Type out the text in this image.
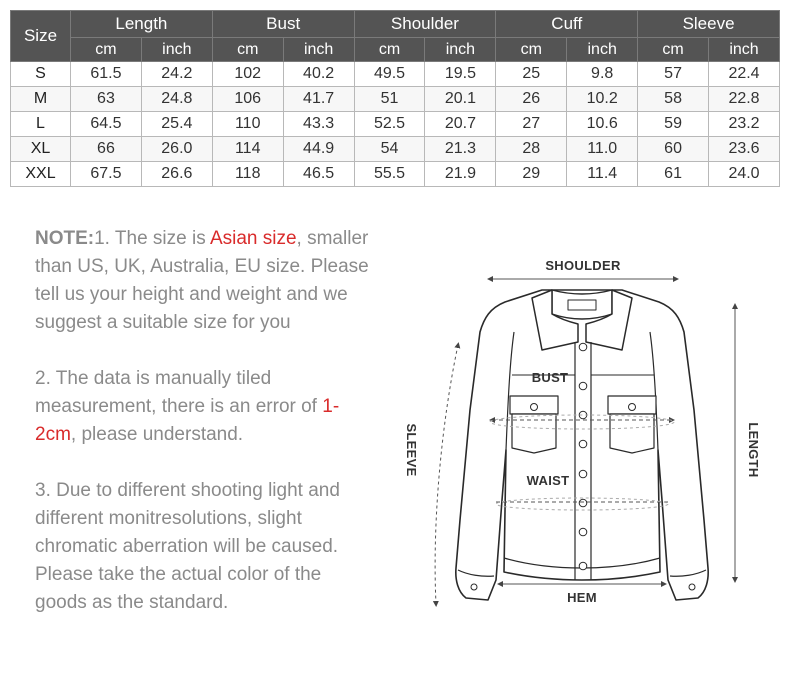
Size	Length		Bust		Shoulder		Cuff		Sleeve	
	cm	inch	cm	inch	cm	inch	cm	inch	cm	inch
S	61.5	24.2	102	40.2	49.5	19.5	25	9.8	57	22.4
M	63	24.8	106	41.7	51	20.1	26	10.2	58	22.8
L	64.5	25.4	110	43.3	52.5	20.7	27	10.6	59	23.2
XL	66	26.0	114	44.9	54	21.3	28	11.0	60	23.6
XXL	67.5	26.6	118	46.5	55.5	21.9	29	11.4	61	24.0

NOTE:1. The size is Asian size, smaller than US, UK, Australia, EU size. Please tell us your height and weight and we suggest a suitable size for you

2. The data is manually tiled measurement, there is an error of 1-2cm, please understand.

3. Due to different shooting light and different monitresolutions, slight chromatic aberration will be caused. Please take the actual color of the goods as the standard.

SHOULDER
BUST
WAIST
HEM
SLEEVE	LENGTH
